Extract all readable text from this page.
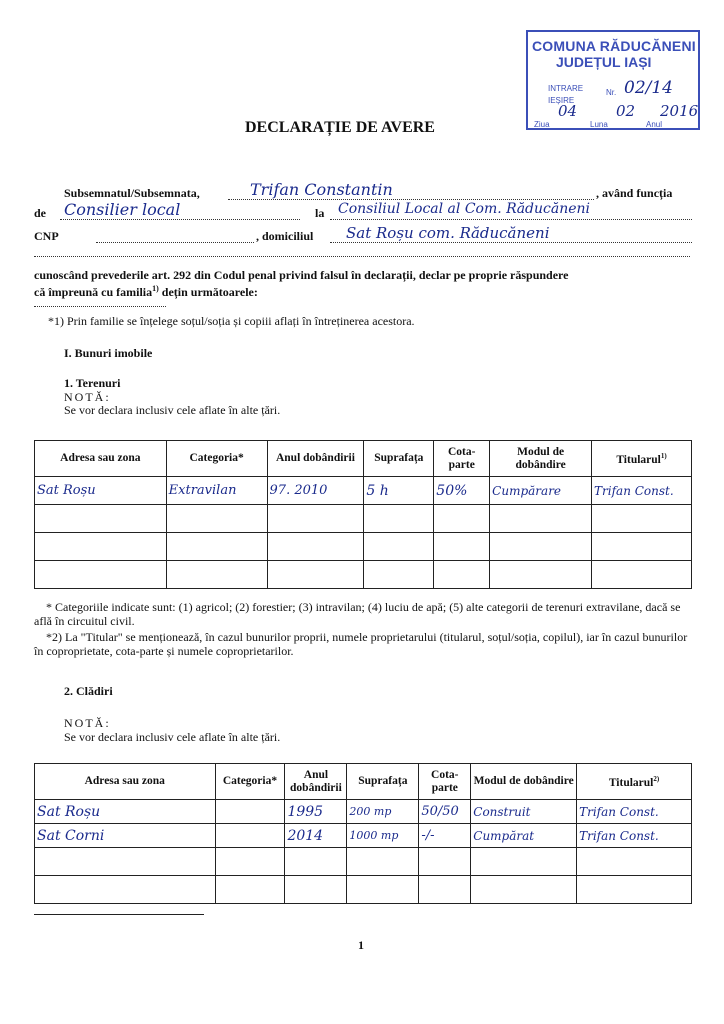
COMUNA RĂDUCĂNENI
JUDEȚUL IAȘI
INTRARE
IEȘIRE
Nr. 02/14
04	02 2016
Ziua	Luna	Anul
DECLARAȚIE DE AVERE
Subsemnatul/Subsemnata,	Trifan Constantin	, având funcția
de Consilier local	la Consiliul Local al Com. Răducăneni
CNP	, domiciliul Sat Roșu com. Răducăneni
cunoscând prevederile art. 292 din Codul penal privind falsul în declarații, declar pe proprie răspundere
că împreună cu familia$^{1)}$ dețin următoarele:
*1) Prin familie se înțelege soțul/soția și copiii aflați în întreținerea acestora.
I. Bunuri imobile
1. Terenuri
NOTĂ:
Se vor declara inclusiv cele aflate în alte țări.
Adresa sau zona	Categoria*	Anul dobândirii	Suprafața	Cota-parte	Modul de dobândire	Titularul$^{1)}$
Sat Roșu	Extravilan	97. 2010	5 h	50%	Cumpărare	Trifan Const.

* Categoriile indicate sunt: (1) agricol; (2) forestier; (3) intravilan; (4) luciu de apă; (5) alte categorii de terenuri extravilane, dacă se află în circuitul civil.
*2) La "Titular" se menționează, în cazul bunurilor proprii, numele proprietarului (titularul, soțul/soția, copilul), iar în cazul bunurilor în coproprietate, cota-parte și numele coproprietarilor.
2. Clădiri
NOTĂ:
Se vor declara inclusiv cele aflate în alte țări.
Adresa sau zona	Categoria*	Anul dobândirii	Suprafața	Cota-parte	Modul de dobândire	Titularul$^{2)}$
Sat Roșu		1995	200 mp	50/50	Construit	Trifan Const.
Sat Corni		2014	1000 mp	-/-	Cumpărat	Trifan Const.

1
